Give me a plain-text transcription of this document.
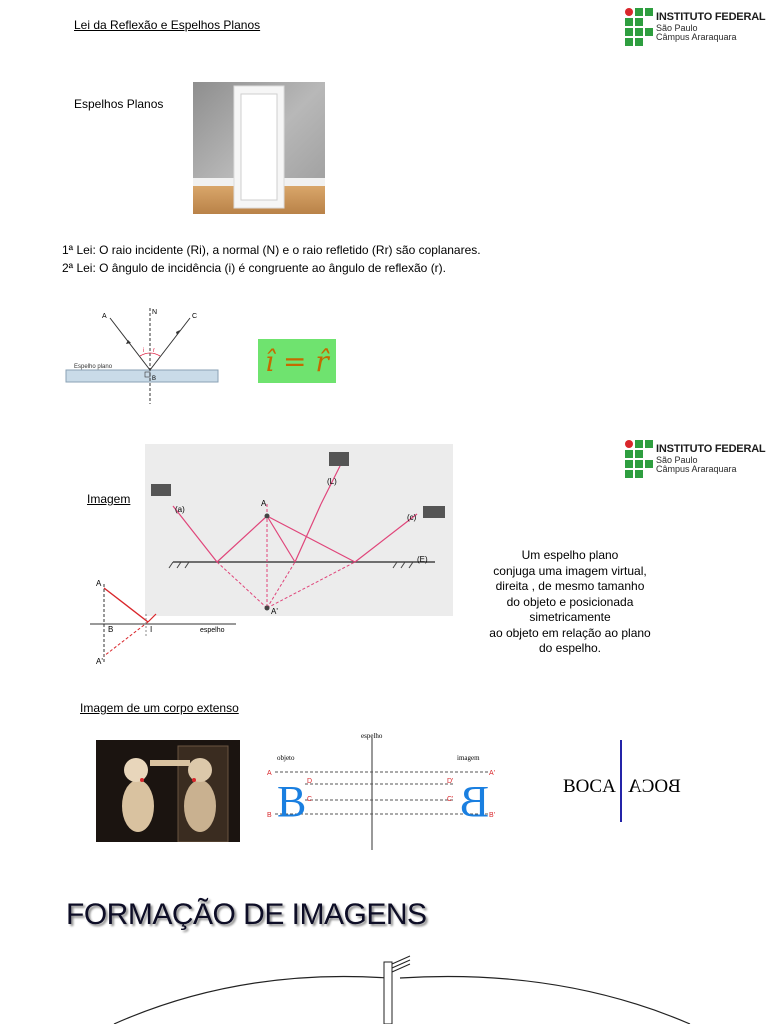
Lei da Reflexão e Espelhos Planos
INSTITUTO FEDERAL
São Paulo
Câmpus Araraquara
Espelhos Planos
1ª Lei: O raio incidente (Ri), a normal (N) e o raio refletido (Rr) são coplanares.
2ª Lei: O ângulo de incidência (i) é congruente ao ângulo de reflexão (r).
A
N
C
i r
B
Espelho plano	î
=
r̂
INSTITUTO FEDERAL
São Paulo
Câmpus Araraquara
Imagem
(a)
(L)
(c)
(E)
A
A'
Um espelho plano
conjuga uma imagem virtual,
direita , de mesmo tamanho
do objeto e posicionada
simetricamente
ao objeto em relação ao plano
do espelho.
A
B	I
A'
espelho
Imagem de um corpo extenso
espelho
objeto	imagem
B	B
A
D
C
B
A'
D'
C'
B'
BOCA BOCA
FORMAÇÃO DE IMAGENS
